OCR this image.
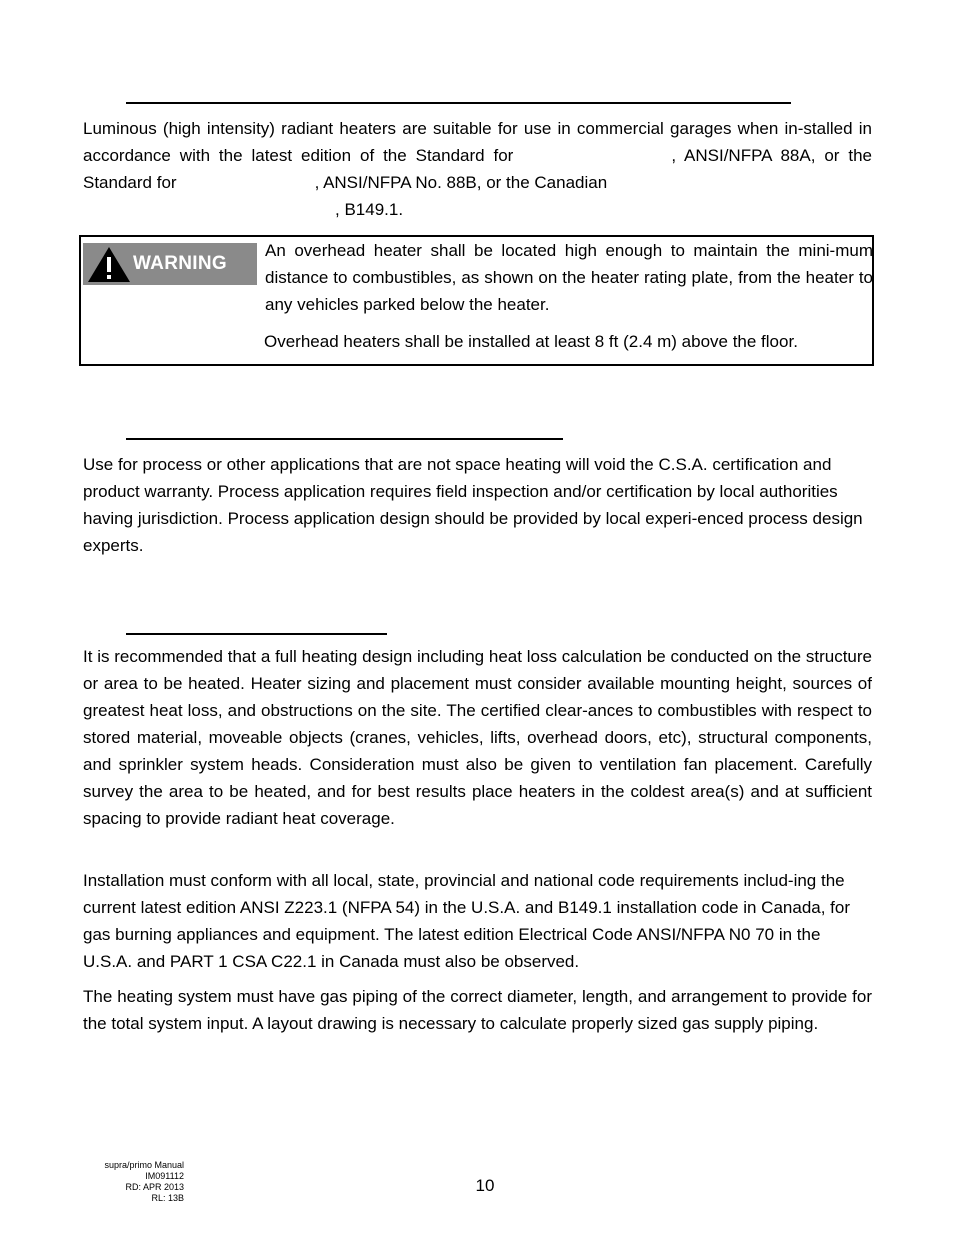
Luminous (high intensity) radiant heaters are suitable for use in commercial garages when in-stalled in accordance with the latest edition of the Standard for	, ANSI/NFPA 88A, or the Standard for	, ANSI/NFPA No. 88B, or the Canadian
, B149.1.

WARNING

An overhead heater shall be located high enough to maintain the mini-mum distance to combustibles, as shown on the heater rating plate, from the heater to any vehicles parked below the heater.

Overhead heaters shall be installed at least 8 ft (2.4 m) above the floor.

Use for process or other applications that are not space heating will void the C.S.A. certification and product warranty. Process application requires field inspection and/or certification by local authorities having jurisdiction. Process application design should be provided by local experi-enced process design experts.

It is recommended that a full heating design including heat loss calculation be conducted on the structure or area to be heated. Heater sizing and placement must consider available mounting height, sources of greatest heat loss, and obstructions on the site. The certified clear-ances to combustibles with respect to stored material, moveable objects (cranes, vehicles, lifts, overhead doors, etc), structural components, and sprinkler system heads. Consideration must also be given to ventilation fan placement. Carefully survey the area to be heated, and for best results place heaters in the coldest area(s) and at sufficient spacing to provide radiant heat coverage.

Installation must conform with all local, state, provincial and national code requirements includ-ing the current latest edition ANSI Z223.1 (NFPA 54) in the U.S.A. and B149.1 installation code in Canada, for gas burning appliances and equipment. The latest edition Electrical Code ANSI/NFPA N0 70 in the U.S.A. and PART 1 CSA C22.1 in Canada must also be observed.

The heating system must have gas piping of the correct diameter, length, and arrangement to provide for the total system input. A layout drawing is necessary to calculate properly sized gas supply piping.

supra/primo Manual
IM091112
RD: APR 2013
RL: 13B
10
